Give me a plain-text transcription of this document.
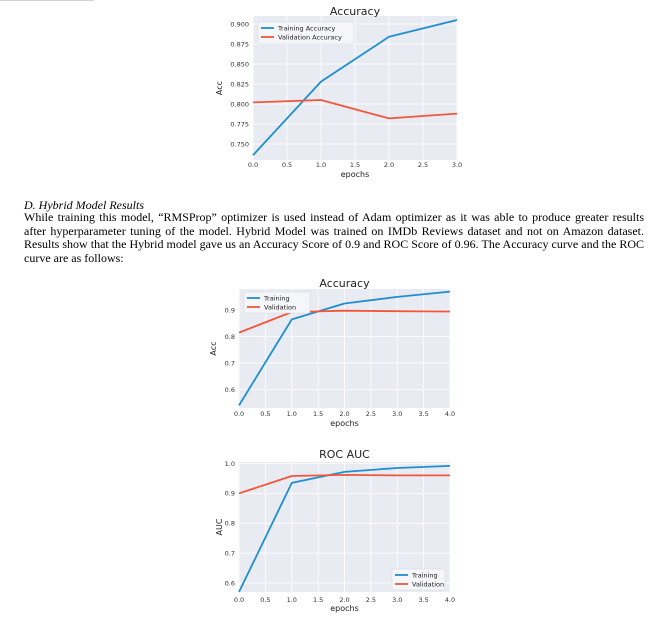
0.0	0.5	1.0	1.5	2.0	2.5	3.0
0.750
0.775
0.800
0.825
0.850
0.875
0.900
Accuracy
epochs
Acc
Training Accuracy
Validation Accuracy
D. Hybrid Model Results
While training this model, “RMSProp” optimizer is used instead of Adam optimizer as it was able to produce greater results after hyperparameter tuning of the model. Hybrid Model was trained on IMDb Reviews dataset and not on Amazon dataset. Results show that the Hybrid model gave us an Accuracy Score of 0.9 and ROC Score of 0.96. The Accuracy curve and the ROC curve are as follows:
0.0 0.5 1.0 1.5 2.0 2.5 3.0 3.5 4.0
0.6
0.7
0.8
0.9
Accuracy
epochs
Acc
Training
Validation
0.0 0.5 1.0 1.5 2.0 2.5 3.0 3.5 4.0
0.6
0.7
0.8
0.9
1.0
ROC AUC
epochs
AUC
Training
Validation
